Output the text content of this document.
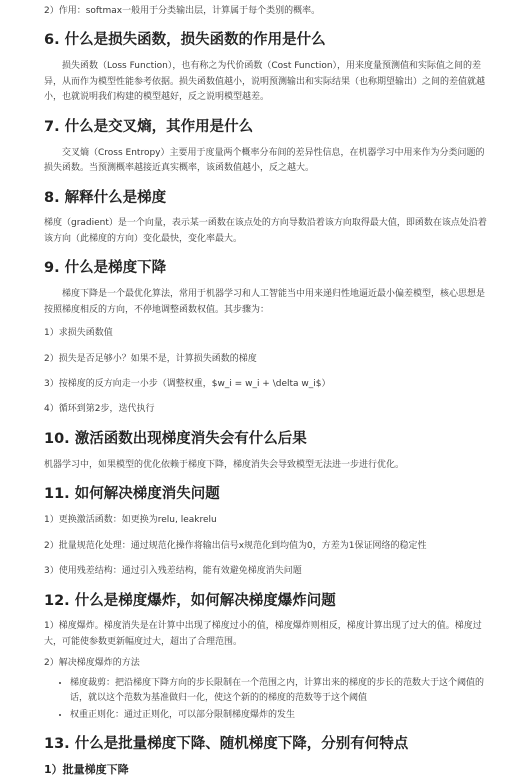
2）作用：softmax一般用于分类输出层，计算属于每个类别的概率。

6. 什么是损失函数，损失函数的作用是什么

损失函数（Loss Function），也有称之为代价函数（Cost Function），用来度量预测值和实际值之间的差异，从而作为模型性能参考依据。损失函数值越小，说明预测输出和实际结果（也称期望输出）之间的差值就越小，也就说明我们构建的模型越好，反之说明模型越差。

7. 什么是交叉熵，其作用是什么

交叉熵（Cross Entropy）主要用于度量两个概率分布间的差异性信息，在机器学习中用来作为分类问题的损失函数。当预测概率越接近真实概率，该函数值越小，反之越大。

8. 解释什么是梯度

梯度（gradient）是一个向量，表示某一函数在该点处的方向导数沿着该方向取得最大值，即函数在该点处沿着该方向（此梯度的方向）变化最快，变化率最大。

9. 什么是梯度下降

梯度下降是一个最优化算法，常用于机器学习和人工智能当中用来递归性地逼近最小偏差模型，核心思想是按照梯度相反的方向，不停地调整函数权值。其步骤为：

1）求损失函数值

2）损失是否足够小？如果不是，计算损失函数的梯度

3）按梯度的反方向走一小步（调整权重，$w_i = w_i + \delta w_i$）

4）循环到第2步，迭代执行

10. 激活函数出现梯度消失会有什么后果

机器学习中，如果模型的优化依赖于梯度下降，梯度消失会导致模型无法进一步进行优化。

11. 如何解决梯度消失问题

1）更换激活函数：如更换为relu, leakrelu

2）批量规范化处理：通过规范化操作将输出信号x规范化到均值为0，方差为1保证网络的稳定性

3）使用残差结构：通过引入残差结构，能有效避免梯度消失问题

12. 什么是梯度爆炸，如何解决梯度爆炸问题

1）梯度爆炸。梯度消失是在计算中出现了梯度过小的值，梯度爆炸则相反，梯度计算出现了过大的值。梯度过大，可能使参数更新幅度过大，超出了合理范围。

2）解决梯度爆炸的方法

• 梯度裁剪：把沿梯度下降方向的步长限制在一个范围之内，计算出来的梯度的步长的范数大于这个阈值的话，就以这个范数为基准做归一化，使这个新的的梯度的范数等于这个阈值
• 权重正则化：通过正则化，可以部分限制梯度爆炸的发生
13. 什么是批量梯度下降、随机梯度下降，分别有何特点
1）批量梯度下降
